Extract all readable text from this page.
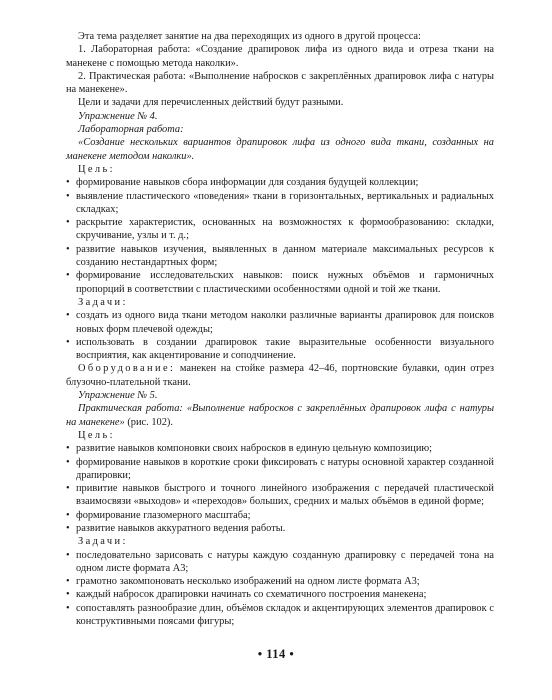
Эта тема разделяет занятие на два переходящих из одного в другой процесса:

1. Лабораторная работа: «Создание драпировок лифа из одного вида и отреза ткани на манекене с помощью метода наколки».

2. Практическая работа: «Выполнение набросков с закреплённых драпировок лифа с натуры на манекене».

Цели и задачи для перечисленных действий будут разными.

Упражнение № 4.

Лабораторная работа:

«Создание нескольких вариантов драпировок лифа из одного вида ткани, созданных на манекене методом наколки».

Цель:

• формирование навыков сбора информации для создания будущей коллекции;
• выявление пластического «поведения» ткани в горизонтальных, вертикальных и радиальных складках;
• раскрытие характеристик, основанных на возможностях к формообразованию: складки, скручивание, узлы и т. д.;
• развитие навыков изучения, выявленных в данном материале максимальных ресурсов к созданию нестандартных форм;
• формирование исследовательских навыков: поиск нужных объёмов и гармоничных пропорций в соответствии с пластическими особенностями одной и той же ткани.

Задачи:

• создать из одного вида ткани методом наколки различные варианты драпировок для поисков новых форм плечевой одежды;
• использовать в создании драпировок такие выразительные особенности визуального восприятия, как акцентирование и соподчинение.

Оборудование: манекен на стойке размера 42–46, портновские булавки, один отрез блузочно-плательной ткани.

Упражнение № 5.

Практическая работа: «Выполнение набросков с закреплённых драпировок лифа с натуры на манекене» (рис. 102).

Цель:

• развитие навыков компоновки своих набросков в единую цельную композицию;
• формирование навыков в короткие сроки фиксировать с натуры основной характер созданной драпировки;
• привитие навыков быстрого и точного линейного изображения с передачей пластической взаимосвязи «выходов» и «переходов» больших, средних и малых объёмов в единой форме;
• формирование глазомерного масштаба;
• развитие навыков аккуратного ведения работы.

Задачи:

• последовательно зарисовать с натуры каждую созданную драпировку с передачей тона на одном листе формата А3;
• грамотно закомпоновать несколько изображений на одном листе формата А3;
• каждый набросок драпировки начинать со схематичного построения манекена;
• сопоставлять разнообразие длин, объёмов складок и акцентирующих элементов драпировок с конструктивными поясами фигуры;
• 114 •
